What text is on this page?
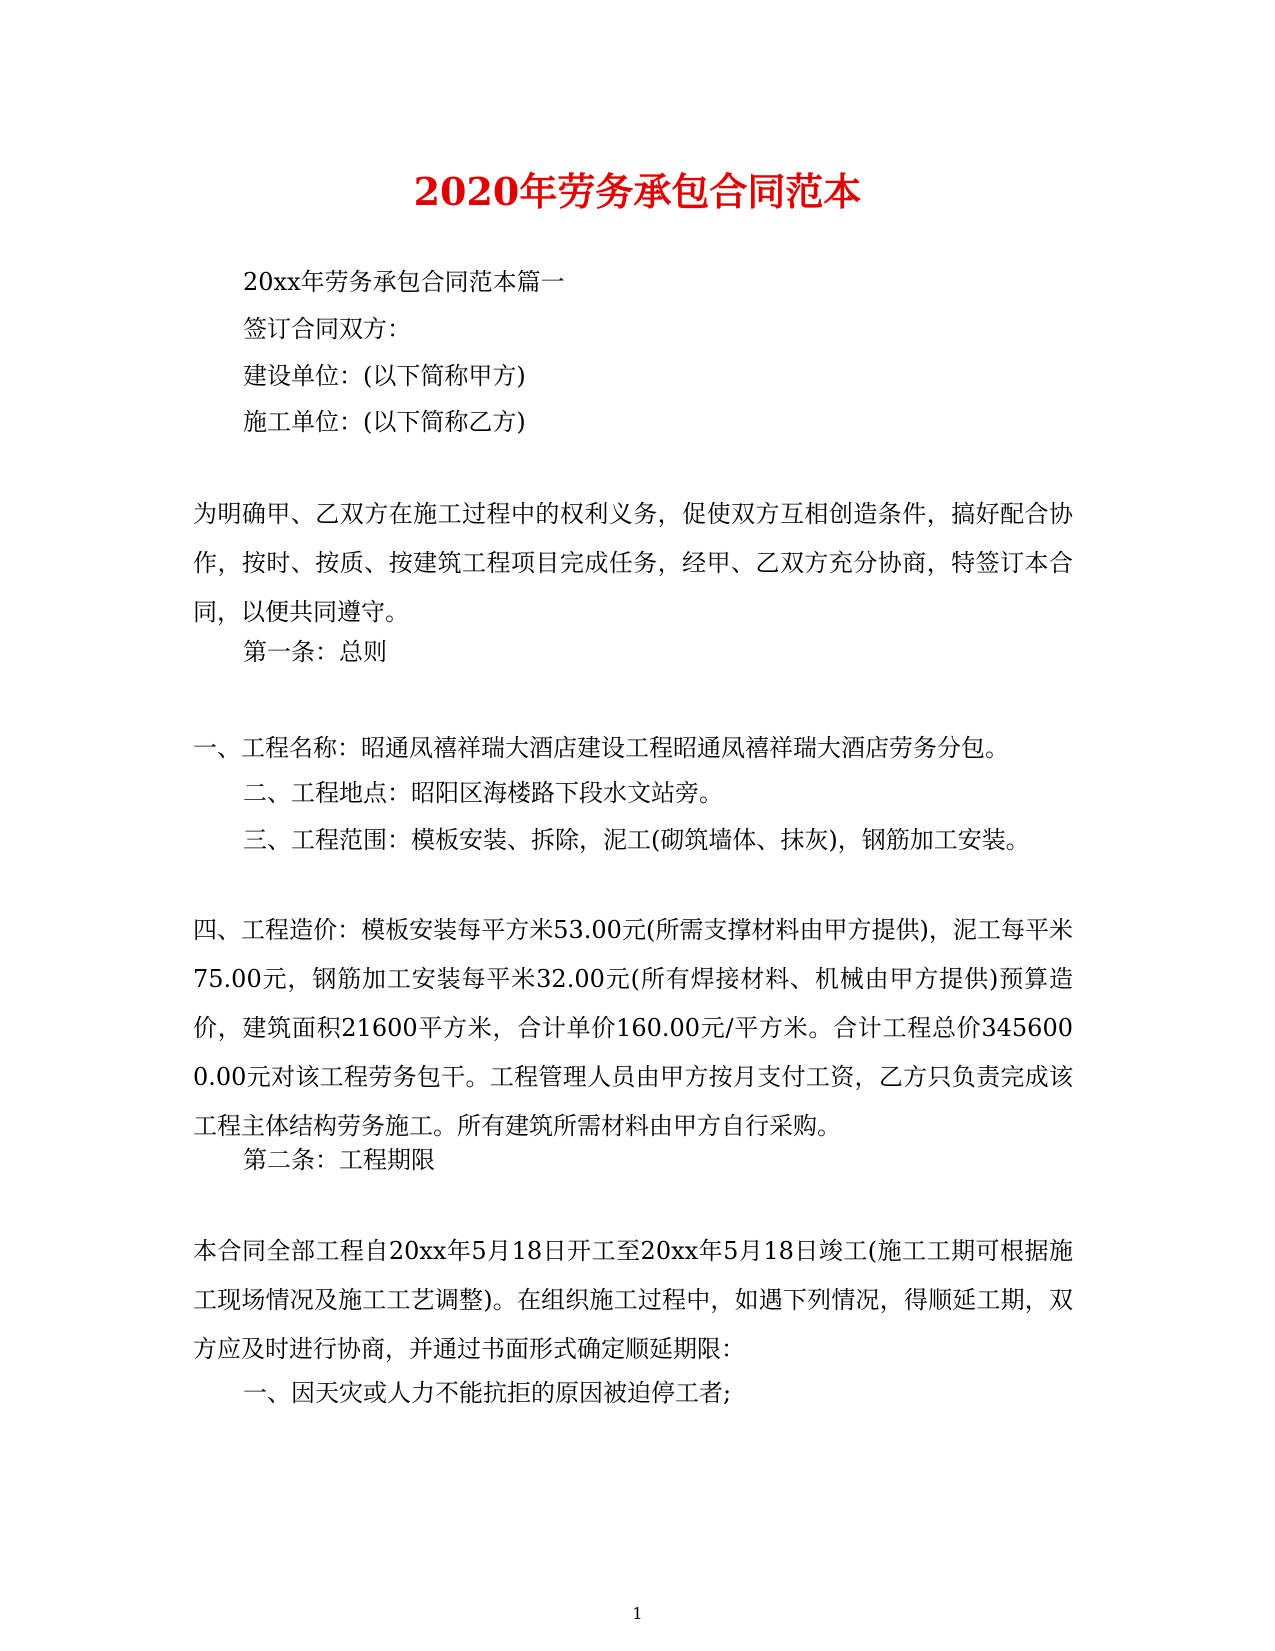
2020年劳务承包合同范本
20xx年劳务承包合同范本篇一
签订合同双方：
建设单位：(以下简称甲方)
施工单位：(以下简称乙方)
为明确甲、乙双方在施工过程中的权利义务，促使双方互相创造条件，搞好配合协作，按时、按质、按建筑工程项目完成任务，经甲、乙双方充分协商，特签订本合同，以便共同遵守。
第一条：总则
一、工程名称：昭通凤禧祥瑞大酒店建设工程昭通凤禧祥瑞大酒店劳务分包。
二、工程地点：昭阳区海楼路下段水文站旁。
三、工程范围：模板安装、拆除，泥工(砌筑墙体、抹灰)，钢筋加工安装。
四、工程造价：模板安装每平方米53.00元(所需支撑材料由甲方提供)，泥工每平米75.00元，钢筋加工安装每平米32.00元(所有焊接材料、机械由甲方提供)预算造价，建筑面积21600平方米，合计单价160.00元/平方米。合计工程总价3456000.00元对该工程劳务包干。工程管理人员由甲方按月支付工资，乙方只负责完成该工程主体结构劳务施工。所有建筑所需材料由甲方自行采购。
第二条：工程期限
本合同全部工程自20xx年5月18日开工至20xx年5月18日竣工(施工工期可根据施工现场情况及施工工艺调整)。在组织施工过程中，如遇下列情况，得顺延工期，双方应及时进行协商，并通过书面形式确定顺延期限：
一、因天灾或人力不能抗拒的原因被迫停工者;
1
